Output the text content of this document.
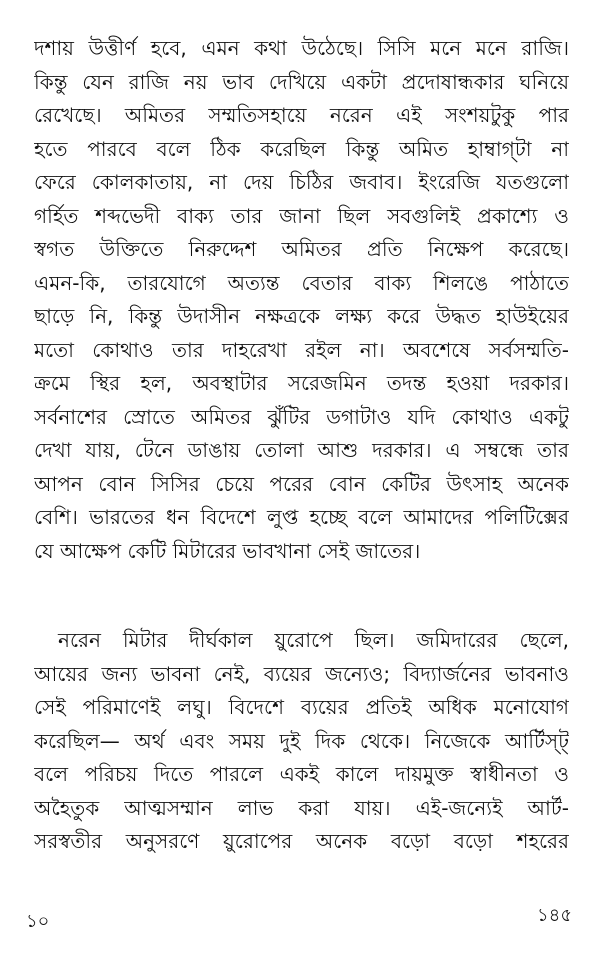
দশায় উত্তীর্ণ হবে, এমন কথা উঠেছে। সিসি মনে মনে রাজি।
কিন্তু যেন রাজি নয় ভাব দেখিয়ে একটা প্রদোষান্ধকার ঘনিয়ে
রেখেছে। অমিতর সম্মতিসহায়ে নরেন এই সংশয়টুকু পার
হতে পারবে বলে ঠিক করেছিল কিন্তু অমিত হাম্বাগ্‌টা না
ফেরে কোলকাতায়, না দেয় চিঠির জবাব। ইংরেজি যতগুলো
গর্হিত শব্দভেদী বাক্য তার জানা ছিল সবগুলিই প্রকাশ্যে ও
স্বগত উক্তিতে নিরুদ্দেশ অমিতর প্রতি নিক্ষেপ করেছে।
এমন-কি, তারযোগে অত্যন্ত বেতার বাক্য শিলঙে পাঠাতে
ছাড়ে নি, কিন্তু উদাসীন নক্ষত্রকে লক্ষ্য করে উদ্ধত হাউইয়ের
মতো কোথাও তার দাহরেখা রইল না। অবশেষে সর্বসম্মতি-
ক্রমে স্থির হল, অবস্থাটার সরেজমিন তদন্ত হওয়া দরকার।
সর্বনাশের স্রোতে অমিতর ঝুঁটির ডগাটাও যদি কোথাও একটু
দেখা যায়, টেনে ডাঙায় তোলা আশু দরকার। এ সম্বন্ধে তার
আপন বোন সিসির চেয়ে পরের বোন কেটির উৎসাহ অনেক
বেশি। ভারতের ধন বিদেশে লুপ্ত হচ্ছে বলে আমাদের পলিটিক্সের
যে আক্ষেপ কেটি মিটারের ভাবখানা সেই জাতের।
নরেন মিটার দীর্ঘকাল য়ুরোপে ছিল। জমিদারের ছেলে,
আয়ের জন্য ভাবনা নেই, ব্যয়ের জন্যেও; বিদ্যার্জনের ভাবনাও
সেই পরিমাণেই লঘু। বিদেশে ব্যয়ের প্রতিই অধিক মনোযোগ
করেছিল— অর্থ এবং সময় দুই দিক থেকে। নিজেকে আর্টিস্ট্‌
বলে পরিচয় দিতে পারলে একই কালে দায়মুক্ত স্বাধীনতা ও
অহৈতুক আত্মসম্মান লাভ করা যায়। এই-জন্যেই আর্ট-
সরস্বতীর অনুসরণে য়ুরোপের অনেক বড়ো বড়ো শহরের
১০	১৪৫
